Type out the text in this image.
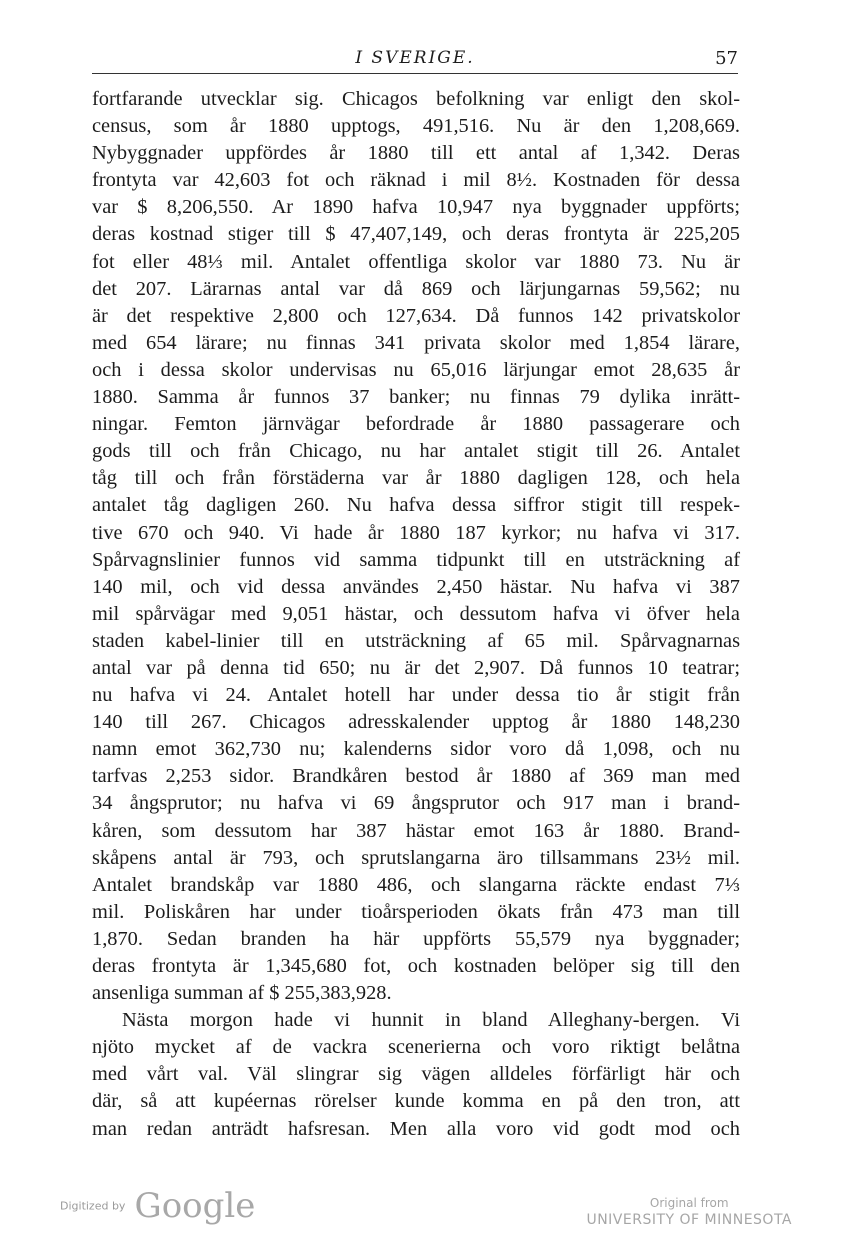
I SVERIGE.	57
fortfarande utvecklar sig. Chicagos befolkning var enligt den skol-
census, som år 1880 upptogs, 491,516. Nu är den 1,208,669.
Nybyggnader uppfördes år 1880 till ett antal af 1,342. Deras
frontyta var 42,603 fot och räknad i mil 8½. Kostnaden för dessa
var $ 8,206,550. Ar 1890 hafva 10,947 nya byggnader uppförts;
deras kostnad stiger till $ 47,407,149, och deras frontyta är 225,205
fot eller 48⅓ mil. Antalet offentliga skolor var 1880 73. Nu är
det 207. Lärarnas antal var då 869 och lärjungarnas 59,562; nu
är det respektive 2,800 och 127,634. Då funnos 142 privatskolor
med 654 lärare; nu finnas 341 privata skolor med 1,854 lärare,
och i dessa skolor undervisas nu 65,016 lärjungar emot 28,635 år
1880. Samma år funnos 37 banker; nu finnas 79 dylika inrätt-
ningar. Femton järnvägar befordrade år 1880 passagerare och
gods till och från Chicago, nu har antalet stigit till 26. Antalet
tåg till och från förstäderna var år 1880 dagligen 128, och hela
antalet tåg dagligen 260. Nu hafva dessa siffror stigit till respek-
tive 670 och 940. Vi hade år 1880 187 kyrkor; nu hafva vi 317.
Spårvagnslinier funnos vid samma tidpunkt till en utsträckning af
140 mil, och vid dessa användes 2,450 hästar. Nu hafva vi 387
mil spårvägar med 9,051 hästar, och dessutom hafva vi öfver hela
staden kabel-linier till en utsträckning af 65 mil. Spårvagnarnas
antal var på denna tid 650; nu är det 2,907. Då funnos 10 teatrar;
nu hafva vi 24. Antalet hotell har under dessa tio år stigit från
140 till 267. Chicagos adresskalender upptog år 1880 148,230
namn emot 362,730 nu; kalenderns sidor voro då 1,098, och nu
tarfvas 2,253 sidor. Brandkåren bestod år 1880 af 369 man med
34 ångsprutor; nu hafva vi 69 ångsprutor och 917 man i brand-
kåren, som dessutom har 387 hästar emot 163 år 1880. Brand-
skåpens antal är 793, och sprutslangarna äro tillsammans 23½ mil.
Antalet brandskåp var 1880 486, och slangarna räckte endast 7⅓
mil. Poliskåren har under tioårsperioden ökats från 473 man till
1,870. Sedan branden ha här uppförts 55,579 nya byggnader;
deras frontyta är 1,345,680 fot, och kostnaden belöper sig till den
ansenliga summan af $ 255,383,928.
Nästa morgon hade vi hunnit in bland Alleghany-bergen. Vi
njöto mycket af de vackra scenerierna och voro riktigt belåtna
med vårt val. Väl slingrar sig vägen alldeles förfärligt här och
där, så att kupéernas rörelser kunde komma en på den tron, att
man redan anträdt hafsresan. Men alla voro vid godt mod och
Digitized by Google	Original from
UNIVERSITY OF MINNESOTA
